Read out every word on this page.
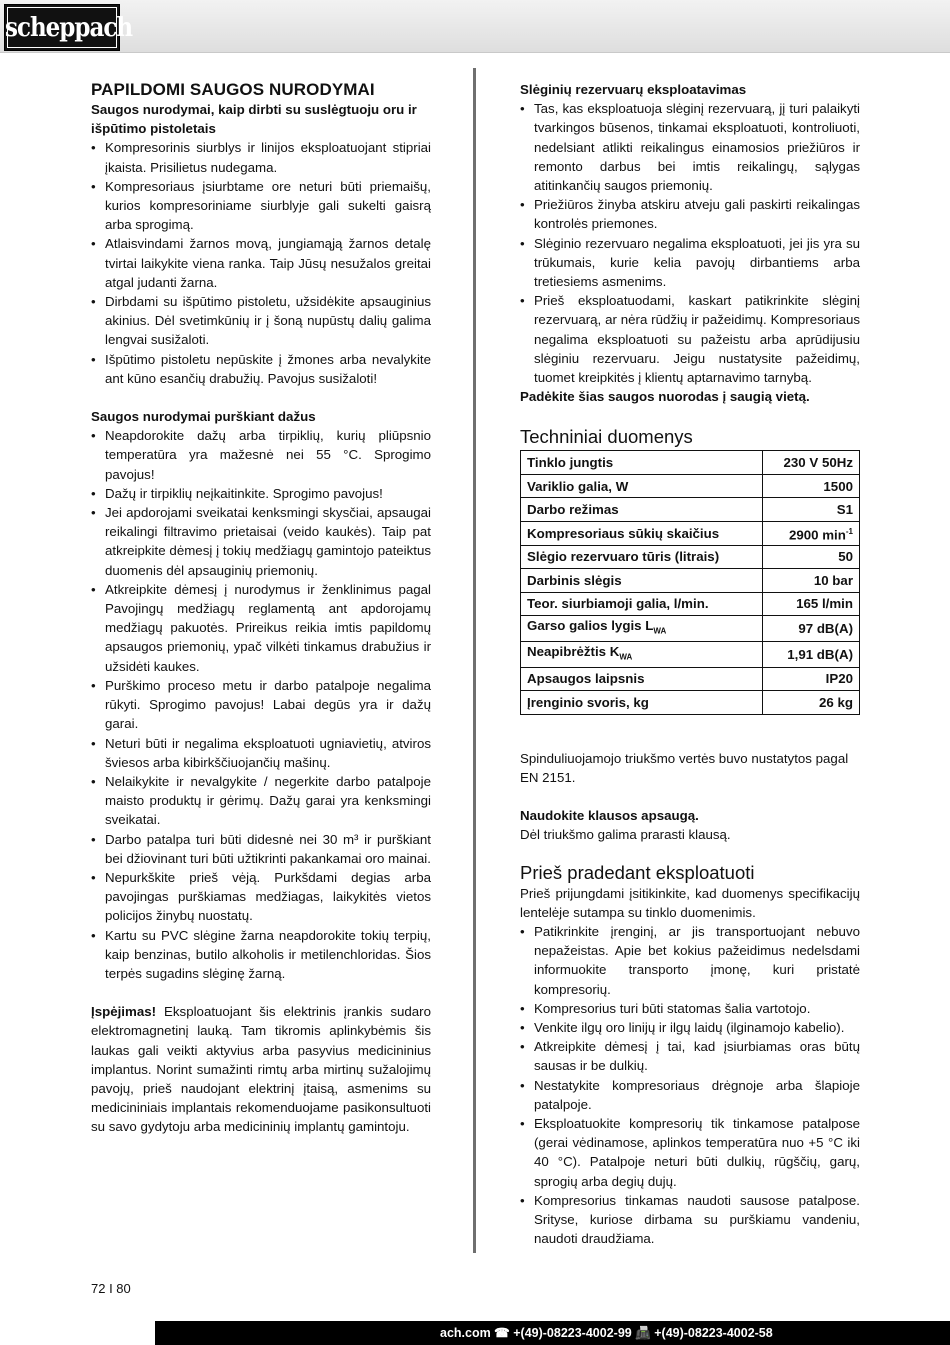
scheppach
PAPILDOMI SAUGOS NURODYMAI

Saugos nurodymai, kaip dirbti su suslėgtuoju oru ir išpūtimo pistoletais

• Kompresorinis siurblys ir linijos eksploatuojant stipriai įkaista. Prisilietus nudegama.
• Kompresoriaus įsiurbtame ore neturi būti priemaišų, kurios kompresoriniame siurblyje gali sukelti gaisrą arba sprogimą.
• Atlaisvindami žarnos movą, jungiamąją žarnos detalę tvirtai laikykite viena ranka. Taip Jūsų nesužalos greitai atgal judanti žarna.
• Dirbdami su išpūtimo pistoletu, užsidėkite apsauginius akinius. Dėl svetimkūnių ir į šoną nupūstų dalių galima lengvai susižaloti.
• Išpūtimo pistoletu nepūskite į žmones arba nevalykite ant kūno esančių drabužių. Pavojus susižaloti!

Saugos nurodymai purškiant dažus

• Neapdorokite dažų arba tirpiklių, kurių pliūpsnio temperatūra yra mažesnė nei 55 °C. Sprogimo pavojus!
• Dažų ir tirpiklių neįkaitinkite. Sprogimo pavojus!
• Jei apdorojami sveikatai kenksmingi skysčiai, apsaugai reikalingi filtravimo prietaisai (veido kaukės). Taip pat atkreipkite dėmesį į tokių medžiagų gamintojo pateiktus duomenis dėl apsauginių priemonių.
• Atkreipkite dėmesį į nurodymus ir ženklinimus pagal Pavojingų medžiagų reglamentą ant apdorojamų medžiagų pakuotės. Prireikus reikia imtis papildomų apsaugos priemonių, ypač vilkėti tinkamus drabužius ir užsidėti kaukes.
• Purškimo proceso metu ir darbo patalpoje negalima rūkyti. Sprogimo pavojus! Labai degūs yra ir dažų garai.
• Neturi būti ir negalima eksploatuoti ugniavietių, atviros šviesos arba kibirkščiuojančių mašinų.
• Nelaikykite ir nevalgykite / negerkite darbo patalpoje maisto produktų ir gėrimų. Dažų garai yra kenksmingi sveikatai.
• Darbo patalpa turi būti didesnė nei 30 m³ ir purškiant bei džiovinant turi būti užtikrinti pakankamai oro mainai.
• Nepurkškite prieš vėją. Purkšdami degias arba pavojingas purškiamas medžiagas, laikykitės vietos policijos žinybų nuostatų.
• Kartu su PVC slėgine žarna neapdorokite tokių terpių, kaip benzinas, butilo alkoholis ir metilenchloridas. Šios terpės sugadins slėginę žarną.

Įspėjimas! Eksploatuojant šis elektrinis įrankis sudaro elektromagnetinį lauką. Tam tikromis aplinkybėmis šis laukas gali veikti aktyvius arba pasyvius medicininius implantus. Norint sumažinti rimtų arba mirtinų sužalojimų pavojų, prieš naudojant elektrinį įtaisą, asmenims su medicininiais implantais rekomenduojame pasikonsultuoti su savo gydytoju arba medicininių implantų gamintoju.

Slėginių rezervuarų eksploatavimas

• Tas, kas eksploatuoja slėginį rezervuarą, jį turi palaikyti tvarkingos būsenos, tinkamai eksploatuoti, kontroliuoti, nedelsiant atlikti reikalingus einamosios priežiūros ir remonto darbus bei imtis reikalingų, sąlygas atitinkančių saugos priemonių.
• Priežiūros žinyba atskiru atveju gali paskirti reikalingas kontrolės priemones.
• Slėginio rezervuaro negalima eksploatuoti, jei jis yra su trūkumais, kurie kelia pavojų dirbantiems arba tretiesiems asmenims.
• Prieš eksploatuodami, kaskart patikrinkite slėginį rezervuarą, ar nėra rūdžių ir pažeidimų. Kompresoriaus negalima eksploatuoti su pažeistu arba aprūdijusiu slėginiu rezervuaru. Jeigu nustatysite pažeidimų, tuomet kreipkitės į klientų aptarnavimo tarnybą.

Padėkite šias saugos nuorodas į saugią vietą.

Techniniai duomenys
Tinklo jungtis	230 V 50Hz
Variklio galia, W	1500
Darbo režimas	S1
Kompresoriaus sūkių skaičius	2900 $\min^{-1}$
Slėgio rezervuaro tūris (litrais)	50
Darbinis slėgis	10 bar
Teor. siurbiamoji galia, l/min.	165 l/min
Garso galios lygis $L_{WA}$	97 dB(A)
Neapibrėžtis $K_{WA}$	1,91 dB(A)
Apsaugos laipsnis	IP20
Įrenginio svoris, kg	26 kg

Spinduliuojamojo triukšmo vertės buvo nustatytos pagal EN 2151.

Naudokite klausos apsaugą.

Dėl triukšmo galima prarasti klausą.

Prieš pradedant eksploatuoti

Prieš prijungdami įsitikinkite, kad duomenys specifikacijų lentelėje sutampa su tinklo duomenimis.

• Patikrinkite įrenginį, ar jis transportuojant nebuvo nepažeistas. Apie bet kokius pažeidimus nedelsdami informuokite transporto įmonę, kuri pristatė kompresorių.
• Kompresorius turi būti statomas šalia vartotojo.
• Venkite ilgų oro linijų ir ilgų laidų (ilginamojo kabelio).
• Atkreipkite dėmesį į tai, kad įsiurbiamas oras būtų sausas ir be dulkių.
• Nestatykite kompresoriaus drėgnoje arba šlapioje patalpoje.
• Eksploatuokite kompresorių tik tinkamose patalpose (gerai vėdinamose, aplinkos temperatūra nuo +5 °C iki 40 °C). Patalpoje neturi būti dulkių, rūgščių, garų, sprogių arba degių dujų.
• Kompresorius tinkamas naudoti sausose patalpose. Srityse, kuriose dirbama su purškiamu vandeniu, naudoti draudžiama.
72 I 80
ach.com ☎ +(49)-08223-4002-99 📠 +(49)-08223-4002-58
